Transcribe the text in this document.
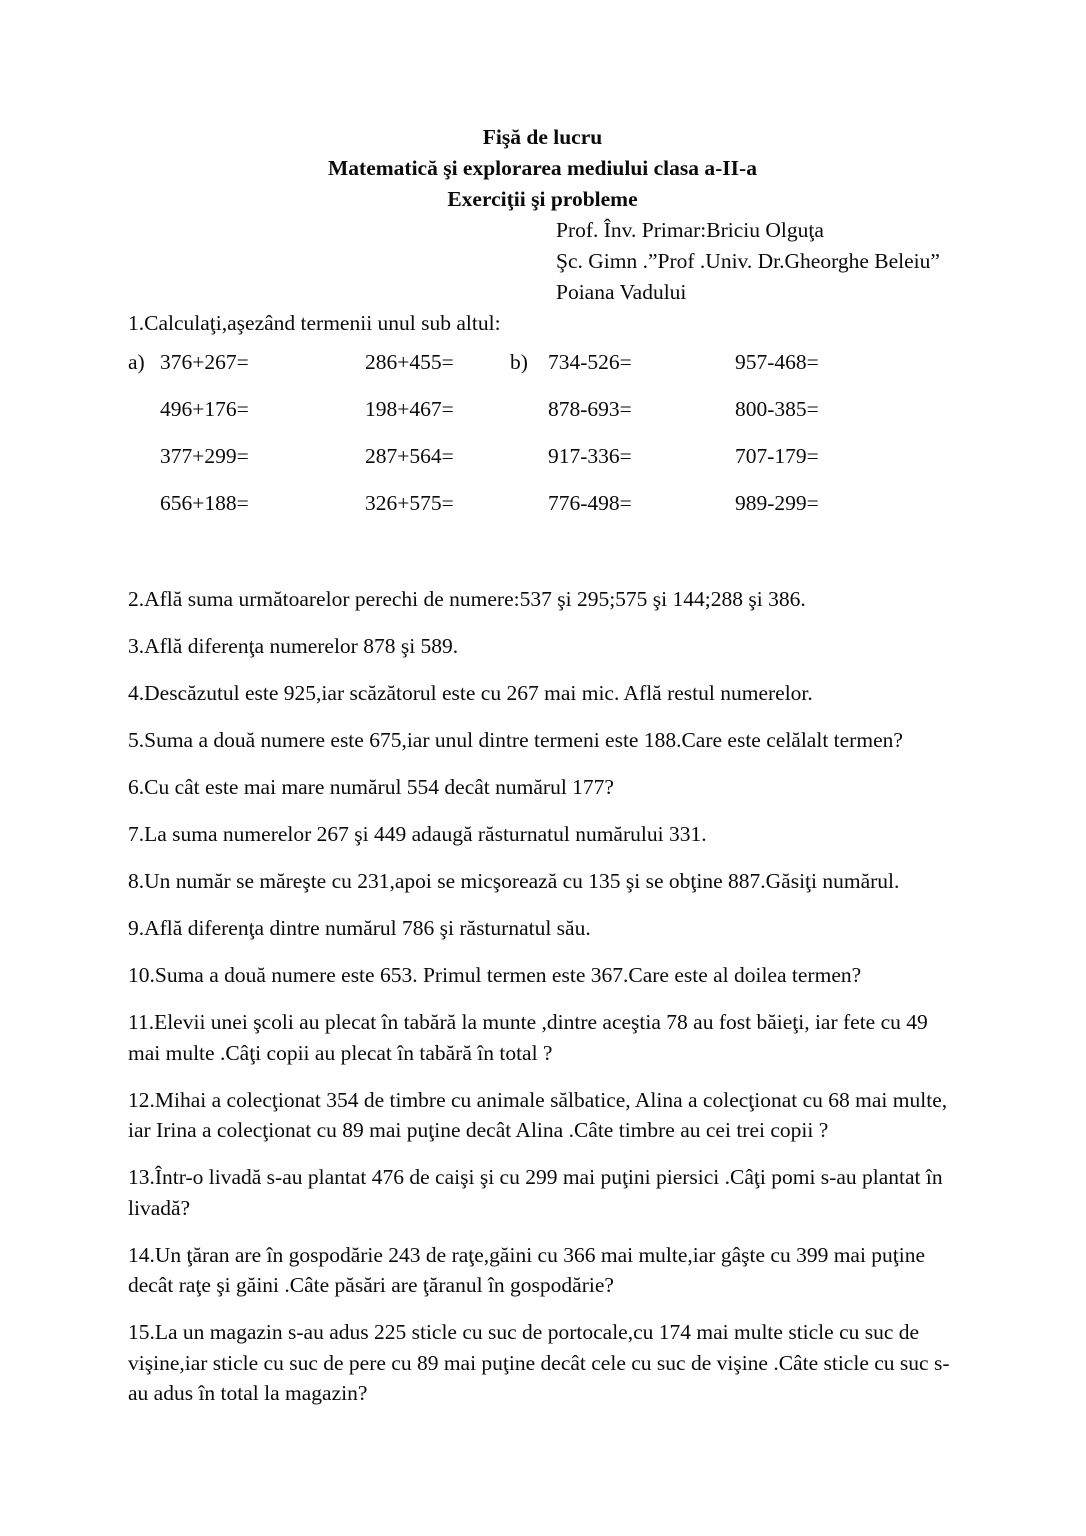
Fişă de lucru
Matematică şi explorarea mediului clasa a-II-a
Exerciţii şi probleme
Prof. Înv. Primar:Briciu Olguţa
Şc. Gimn .”Prof .Univ. Dr.Gheorghe Beleiu”
Poiana Vadului

1.Calculaţi,aşezând termenii unul sub altul:

a) 376+267=	286+455=	b) 734-526=	957-468=
496+176=	198+467=	878-693=	800-385=
377+299=	287+564=	917-336=	707-179=
656+188=	326+575=	776-498=	989-299=

2.Află suma următoarelor perechi de numere:537 şi 295;575 şi 144;288 şi 386.

3.Află diferenţa numerelor 878 şi 589.

4.Descăzutul este 925,iar scăzătorul este cu 267 mai mic. Află restul numerelor.

5.Suma a două numere este 675,iar unul dintre termeni este 188.Care este celălalt termen?

6.Cu cât este mai mare numărul 554 decât numărul 177?

7.La suma numerelor 267 şi 449 adaugă răsturnatul numărului 331.

8.Un număr se măreşte cu 231,apoi se micşorează cu 135 şi se obţine 887.Găsiţi numărul.

9.Află diferenţa dintre numărul 786 şi răsturnatul său.

10.Suma a două numere este 653. Primul termen este 367.Care este al doilea termen?

11.Elevii unei şcoli au plecat în tabără la munte ,dintre aceştia 78 au fost băieţi, iar fete cu 49 mai multe .Câţi copii au plecat în tabără în total ?

12.Mihai a colecţionat 354 de timbre cu animale sălbatice, Alina a colecţionat cu 68 mai multe, iar Irina a colecţionat cu 89 mai puţine decât Alina .Câte timbre au cei trei copii ?

13.Într-o livadă s-au plantat 476 de caişi şi cu 299 mai puţini piersici .Câţi pomi s-au plantat în livadă?

14.Un ţăran are în gospodărie 243 de raţe,găini cu 366 mai multe,iar gâşte cu 399 mai puţine decât raţe şi găini .Câte păsări are ţăranul în gospodărie?

15.La un magazin s-au adus 225 sticle cu suc de portocale,cu 174 mai multe sticle cu suc de vişine,iar sticle cu suc de pere cu 89 mai puţine decât cele cu suc de vişine .Câte sticle cu suc s-au adus în total la magazin?
